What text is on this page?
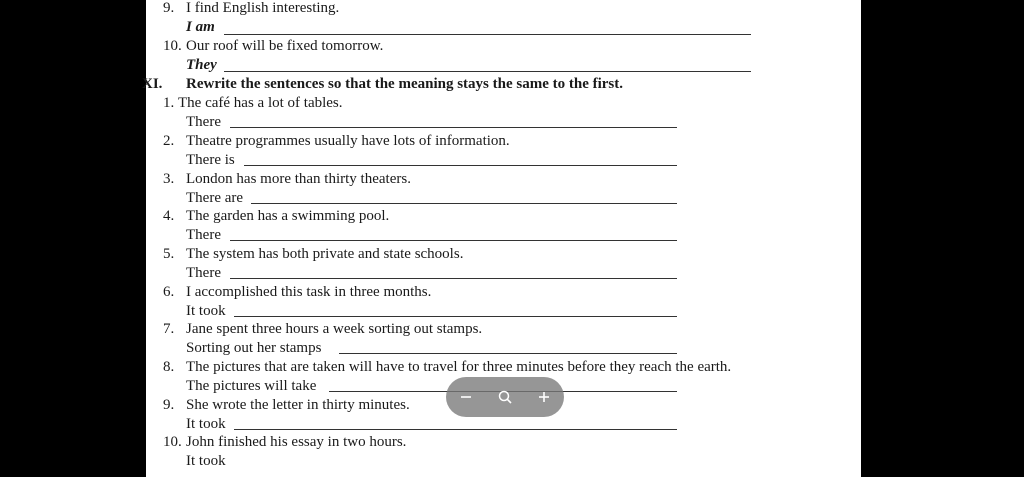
9. I find English interesting.
I am
10. Our roof will be fixed tomorrow.
They
XI. Rewrite the sentences so that the meaning stays the same to the first.
1. The café has a lot of tables.
There
2. Theatre programmes usually have lots of information.
There is
3. London has more than thirty theaters.
There are
4. The garden has a swimming pool.
There
5. The system has both private and state schools.
There
6. I accomplished this task in three months.
It took
7. Jane spent three hours a week sorting out stamps.
Sorting out her stamps
8. The pictures that are taken will have to travel for three minutes before they reach the earth.
The pictures will take
9. She wrote the letter in thirty minutes.
It took
10. John finished his essay in two hours.
It took
